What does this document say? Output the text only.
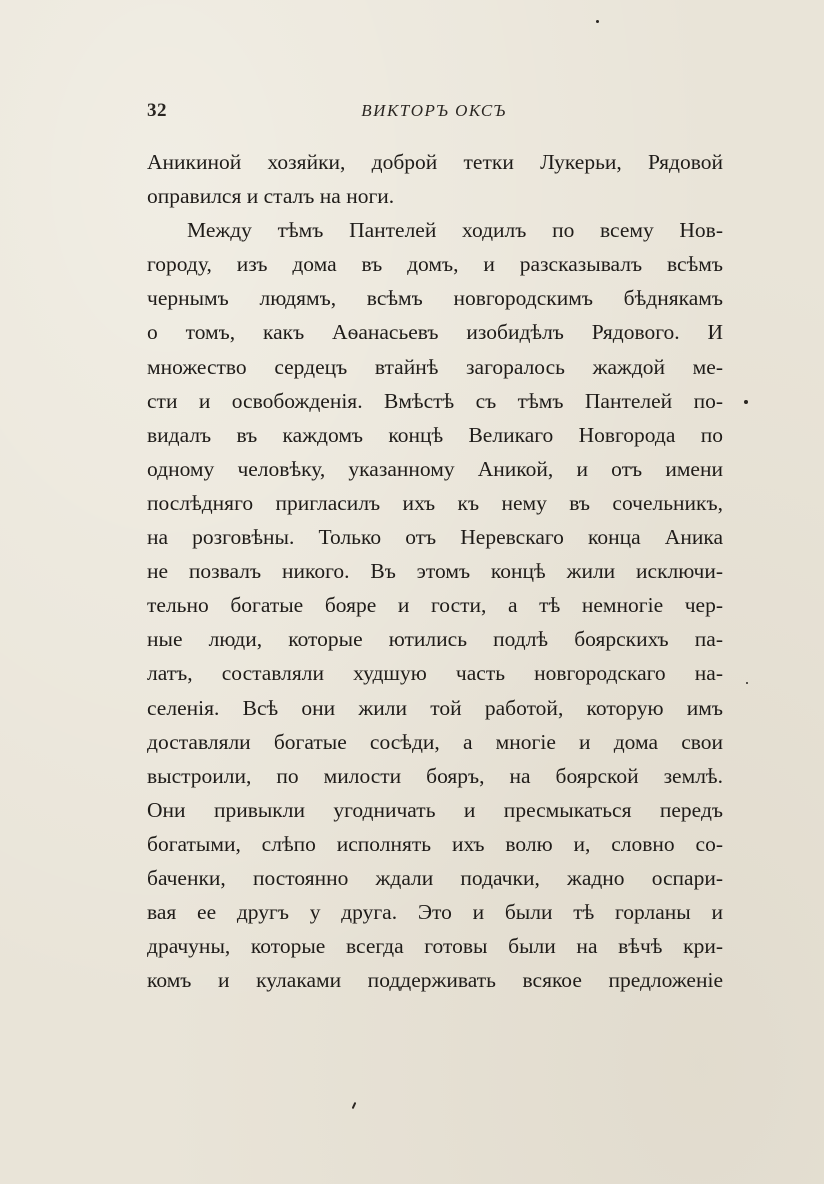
32	ВИКТОРЪ ОКСЪ
Аникиной хозяйки, доброй тетки Лукерьи, Рядовой
оправился и сталъ на ноги.
Между тѣмъ Пантелей ходилъ по всему Нов-
городу, изъ дома въ домъ, и разсказывалъ всѣмъ
чернымъ людямъ, всѣмъ новгородскимъ бѣднякамъ
о томъ, какъ Аѳанасьевъ изобидѣлъ Рядового. И
множество сердецъ втайнѣ загоралось жаждой ме-
сти и освобожденія. Вмѣстѣ съ тѣмъ Пантелей по-
видалъ въ каждомъ концѣ Великаго Новгорода по
одному человѣку, указанному Аникой, и отъ имени
послѣдняго пригласилъ ихъ къ нему въ сочельникъ,
на розговѣны. Только отъ Неревскаго конца Аника
не позвалъ никого. Въ этомъ концѣ жили исключи-
тельно богатые бояре и гости, а тѣ немногіе чер-
ные люди, которые ютились подлѣ боярскихъ па-
латъ, составляли худшую часть новгородскаго на-
селенія. Всѣ они жили той работой, которую имъ
доставляли богатые сосѣди, а многіе и дома свои
выстроили, по милости бояръ, на боярской землѣ.
Они привыкли угодничать и пресмыкаться передъ
богатыми, слѣпо исполнять ихъ волю и, словно со-
баченки, постоянно ждали подачки, жадно оспари-
вая ее другъ у друга. Это и были тѣ горланы и
драчуны, которые всегда готовы были на вѣчѣ кри-
комъ и кулаками поддерживать всякое предложеніе
